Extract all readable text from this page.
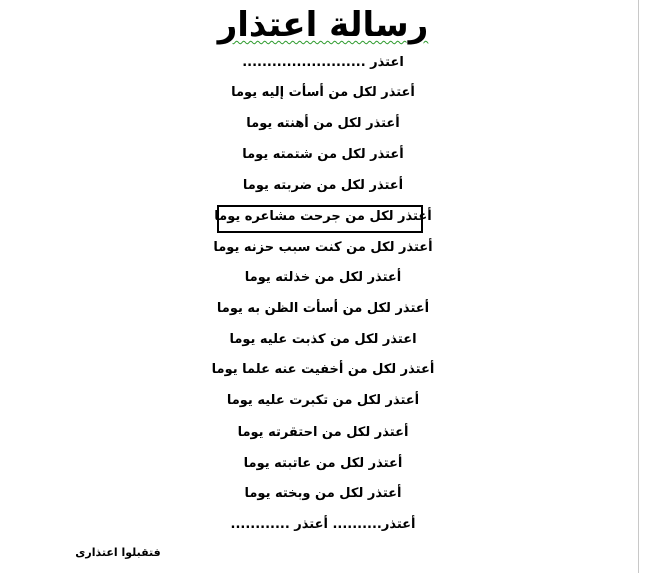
رسالة اعتذار
اعتذر .........................
أعتذر لكل من أسأت إليه يوما
أعتذر لكل من أهنته يوما
أعتذر لكل من شتمته يوما
أعتذر لكل من ضربته يوما
أعتذر لكل من جرحت مشاعره يوما
أعتذر لكل من كنت سبب حزنه يوما
أعتذر لكل من خذلته يوما
أعتذر لكل من أسأت الظن به يوما
اعتذر لكل من كذبت عليه يوما
أعتذر لكل من أخفيت عنه علما يوما
أعتذر لكل من تكبرت عليه يوما
أعتذر لكل من احتقرته يوما
أعتذر لكل من عاتبته يوما
أعتذر لكل من وبخته يوما
أعتذر.......... أعتذر ............
فتقبلوا اعتذارى
